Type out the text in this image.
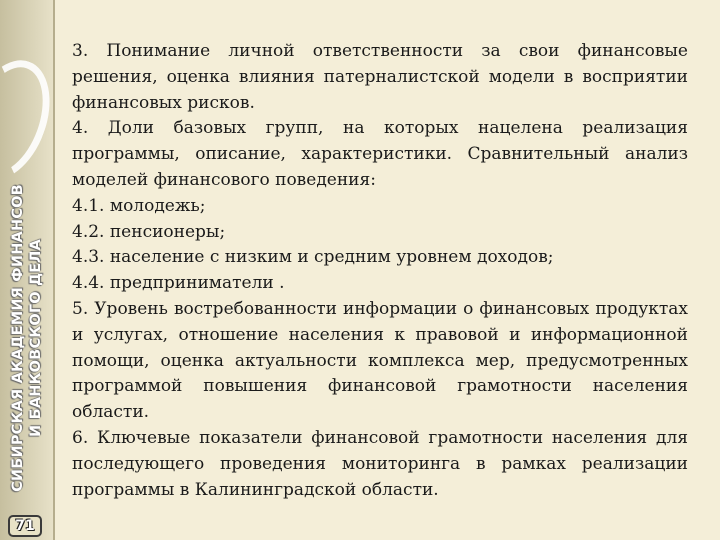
СИБИРСКАЯ АКАДЕМИЯ ФИНАНСОВ И БАНКОВСКОГО ДЕЛА
71

3. Понимание личной ответственности за свои финансовые решения, оценка влияния патерналистской модели в восприятии финансовых рисков.

4. Доли базовых групп, на которых нацелена реализация программы, описание, характеристики. Сравнительный анализ моделей финансового поведения:

4.1. молодежь;

4.2. пенсионеры;

4.3. население с низким и средним уровнем доходов;

4.4. предприниматели .

5. Уровень востребованности информации о финансовых продуктах и услугах, отношение населения к правовой и информационной помощи, оценка актуальности комплекса мер, предусмотренных программой повышения финансовой грамотности населения области.

6. Ключевые показатели финансовой грамотности населения для последующего проведения мониторинга в рамках реализации программы в Калининградской области.
